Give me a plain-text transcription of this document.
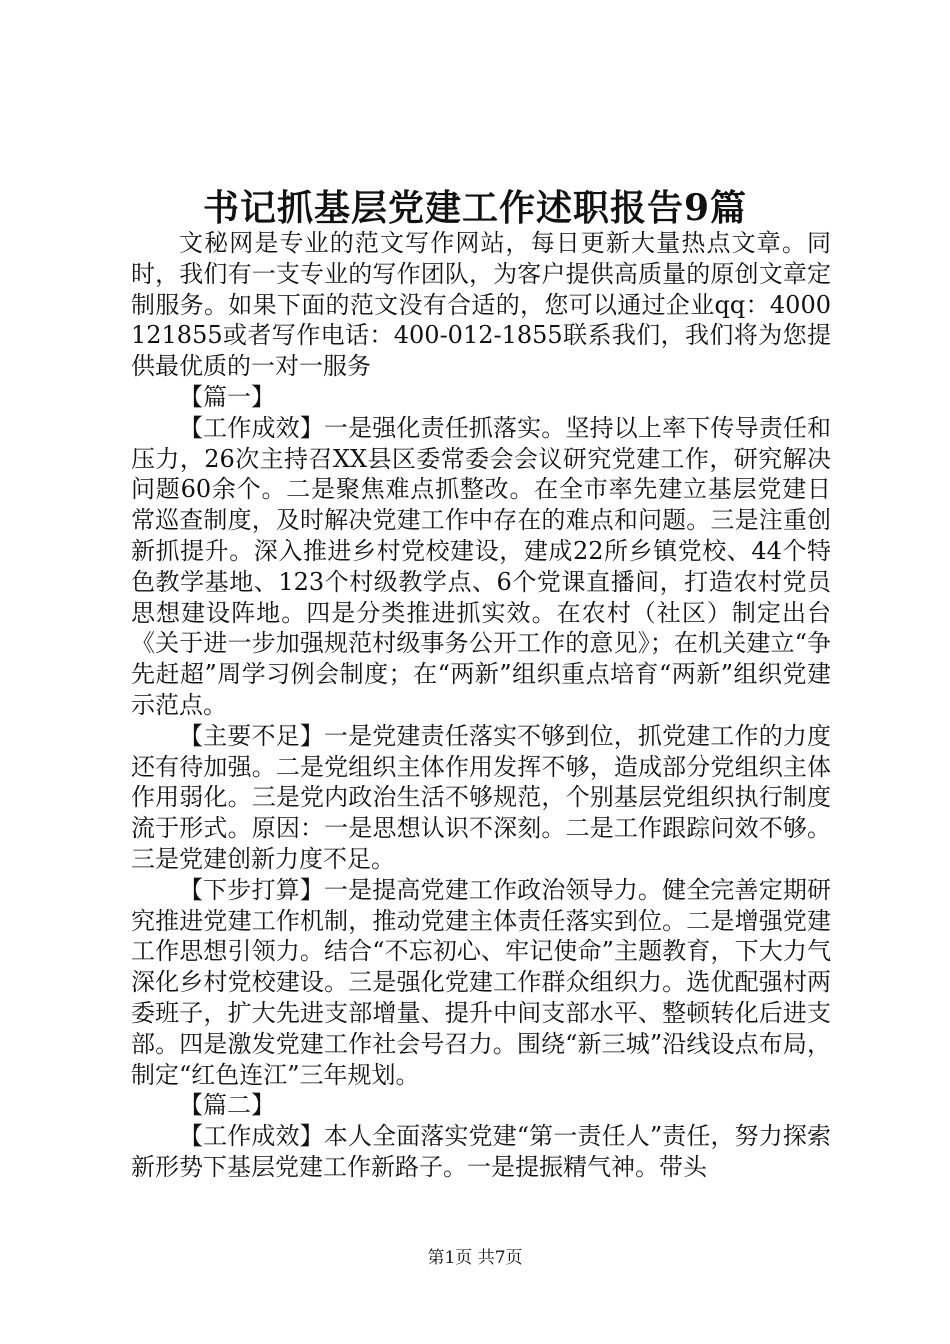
书记抓基层党建工作述职报告9篇

文秘网是专业的范文写作网站，每日更新大量热点文章。同时，我们有一支专业的写作团队，为客户提供高质量的原创文章定制服务。如果下面的范文没有合适的，您可以通过企业qq：4000121855或者写作电话：400-012-1855联系我们，我们将为您提供最优质的一对一服务

【篇一】

【工作成效】一是强化责任抓落实。坚持以上率下传导责任和压力，26次主持召XX县区委常委会会议研究党建工作，研究解决问题60余个。二是聚焦难点抓整改。在全市率先建立基层党建日常巡查制度，及时解决党建工作中存在的难点和问题。三是注重创新抓提升。深入推进乡村党校建设，建成22所乡镇党校、44个特色教学基地、123个村级教学点、6个党课直播间，打造农村党员思想建设阵地。四是分类推进抓实效。在农村（社区）制定出台《关于进一步加强规范村级事务公开工作的意见》；在机关建立“争先赶超”周学习例会制度；在“两新”组织重点培育“两新”组织党建示范点。

【主要不足】一是党建责任落实不够到位，抓党建工作的力度还有待加强。二是党组织主体作用发挥不够，造成部分党组织主体作用弱化。三是党内政治生活不够规范，个别基层党组织执行制度流于形式。原因：一是思想认识不深刻。二是工作跟踪问效不够。三是党建创新力度不足。

【下步打算】一是提高党建工作政治领导力。健全完善定期研究推进党建工作机制，推动党建主体责任落实到位。二是增强党建工作思想引领力。结合“不忘初心、牢记使命”主题教育，下大力气深化乡村党校建设。三是强化党建工作群众组织力。选优配强村两委班子，扩大先进支部增量、提升中间支部水平、整顿转化后进支部。四是激发党建工作社会号召力。围绕“新三城”沿线设点布局，制定“红色连江”三年规划。

【篇二】

【工作成效】本人全面落实党建“第一责任人”责任，努力探索新形势下基层党建工作新路子。一是提振精气神。带头

第1页 共7页
